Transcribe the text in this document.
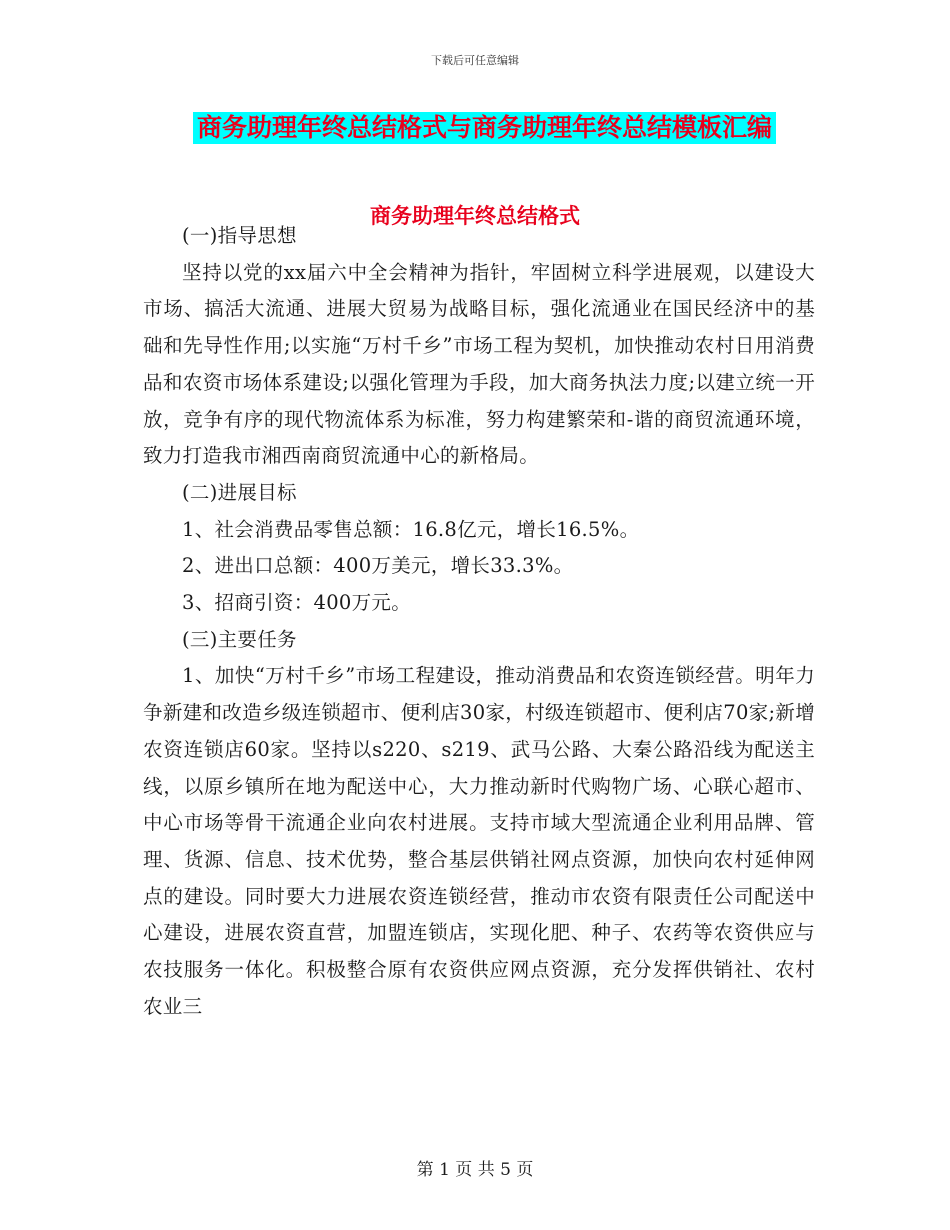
下载后可任意编辑
商务助理年终总结格式与商务助理年终总结模板汇编
商务助理年终总结格式

(一)指导思想

坚持以党的xx届六中全会精神为指针，牢固树立科学进展观，以建设大市场、搞活大流通、进展大贸易为战略目标，强化流通业在国民经济中的基础和先导性作用;以实施“万村千乡”市场工程为契机，加快推动农村日用消费品和农资市场体系建设;以强化管理为手段，加大商务执法力度;以建立统一开放，竞争有序的现代物流体系为标准，努力构建繁荣和-谐的商贸流通环境，致力打造我市湘西南商贸流通中心的新格局。

(二)进展目标

1、社会消费品零售总额：16.8亿元，增长16.5%。

2、进出口总额：400万美元，增长33.3%。

3、招商引资：400万元。

(三)主要任务

1、加快“万村千乡”市场工程建设，推动消费品和农资连锁经营。明年力争新建和改造乡级连锁超市、便利店30家，村级连锁超市、便利店70家;新增农资连锁店60家。坚持以s220、s219、武马公路、大秦公路沿线为配送主线，以原乡镇所在地为配送中心，大力推动新时代购物广场、心联心超市、中心市场等骨干流通企业向农村进展。支持市域大型流通企业利用品牌、管理、货源、信息、技术优势，整合基层供销社网点资源，加快向农村延伸网点的建设。同时要大力进展农资连锁经营，推动市农资有限责任公司配送中心建设，进展农资直营，加盟连锁店，实现化肥、种子、农药等农资供应与农技服务一体化。积极整合原有农资供应网点资源，充分发挥供销社、农村农业三

第 1 页 共 5 页
